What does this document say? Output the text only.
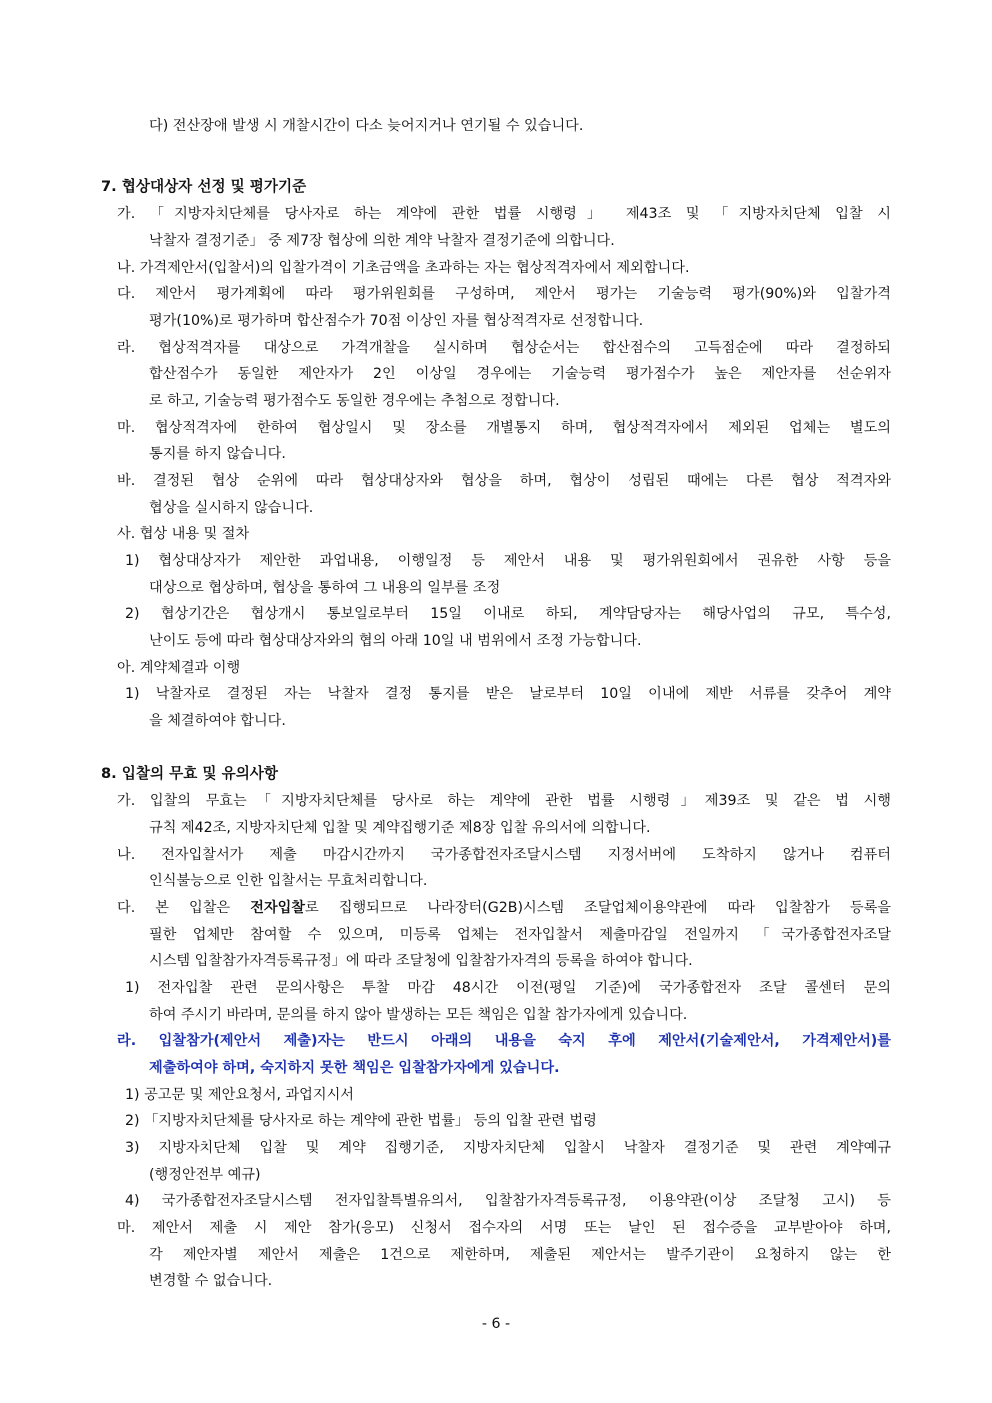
다) 전산장애 발생 시 개찰시간이 다소 늦어지거나 연기될 수 있습니다.
7. 협상대상자 선정 및 평가기준
가. 「지방자치단체를 당사자로 하는 계약에 관한 법률 시행령」 제43조 및 「지방자치단체 입찰 시
낙찰자 결정기준」 중 제7장 협상에 의한 계약 낙찰자 결정기준에 의합니다.
나. 가격제안서(입찰서)의 입찰가격이 기초금액을 초과하는 자는 협상적격자에서 제외합니다.
다. 제안서 평가계획에 따라 평가위원회를 구성하며, 제안서 평가는 기술능력 평가(90%)와 입찰가격
평가(10%)로 평가하며 합산점수가 70점 이상인 자를 협상적격자로 선정합니다.
라. 협상적격자를 대상으로 가격개찰을 실시하며 협상순서는 합산점수의 고득점순에 따라 결정하되
합산점수가 동일한 제안자가 2인 이상일 경우에는 기술능력 평가점수가 높은 제안자를 선순위자
로 하고, 기술능력 평가점수도 동일한 경우에는 추첨으로 정합니다.
마. 협상적격자에 한하여 협상일시 및 장소를 개별통지 하며, 협상적격자에서 제외된 업체는 별도의
통지를 하지 않습니다.
바. 결정된 협상 순위에 따라 협상대상자와 협상을 하며, 협상이 성립된 때에는 다른 협상 적격자와
협상을 실시하지 않습니다.
사. 협상 내용 및 절차
1) 협상대상자가 제안한 과업내용, 이행일정 등 제안서 내용 및 평가위원회에서 권유한 사항 등을
대상으로 협상하며, 협상을 통하여 그 내용의 일부를 조정
2) 협상기간은 협상개시 통보일로부터 15일 이내로 하되, 계약담당자는 해당사업의 규모, 특수성,
난이도 등에 따라 협상대상자와의 협의 아래 10일 내 범위에서 조정 가능합니다.
아. 계약체결과 이행
1) 낙찰자로 결정된 자는 낙찰자 결정 통지를 받은 날로부터 10일 이내에 제반 서류를 갖추어 계약
을 체결하여야 합니다.
8. 입찰의 무효 및 유의사항
가. 입찰의 무효는「지방자치단체를 당사로 하는 계약에 관한 법률 시행령」제39조 및 같은 법 시행
규칙 제42조, 지방자치단체 입찰 및 계약집행기준 제8장 입찰 유의서에 의합니다.
나. 전자입찰서가 제출 마감시간까지 국가종합전자조달시스템 지정서버에 도착하지 않거나 컴퓨터
인식불능으로 인한 입찰서는 무효처리합니다.
다. 본 입찰은 전자입찰로 집행되므로 나라장터(G2B)시스템 조달업체이용약관에 따라 입찰참가 등록을
필한 업체만 참여할 수 있으며, 미등록 업체는 전자입찰서 제출마감일 전일까지 「국가종합전자조달
시스템 입찰참가자격등록규정」에 따라 조달청에 입찰참가자격의 등록을 하여야 합니다.
1) 전자입찰 관련 문의사항은 투찰 마감 48시간 이전(평일 기준)에 국가종합전자 조달 콜센터 문의
하여 주시기 바라며, 문의를 하지 않아 발생하는 모든 책임은 입찰 참가자에게 있습니다.
라. 입찰참가(제안서 제출)자는 반드시 아래의 내용을 숙지 후에 제안서(기술제안서, 가격제안서)를
제출하여야 하며, 숙지하지 못한 책임은 입찰참가자에게 있습니다.
1) 공고문 및 제안요청서, 과업지시서
2) 「지방자치단체를 당사자로 하는 계약에 관한 법률」 등의 입찰 관련 법령
3) 지방자치단체 입찰 및 계약 집행기준, 지방자치단체 입찰시 낙찰자 결정기준 및 관련 계약예규
(행정안전부 예규)
4) 국가종합전자조달시스템 전자입찰특별유의서, 입찰참가자격등록규정, 이용약관(이상 조달청 고시) 등
마. 제안서 제출 시 제안 참가(응모) 신청서 접수자의 서명 또는 날인 된 접수증을 교부받아야 하며,
각 제안자별 제안서 제출은 1건으로 제한하며, 제출된 제안서는 발주기관이 요청하지 않는 한
변경할 수 없습니다.
- 6 -
